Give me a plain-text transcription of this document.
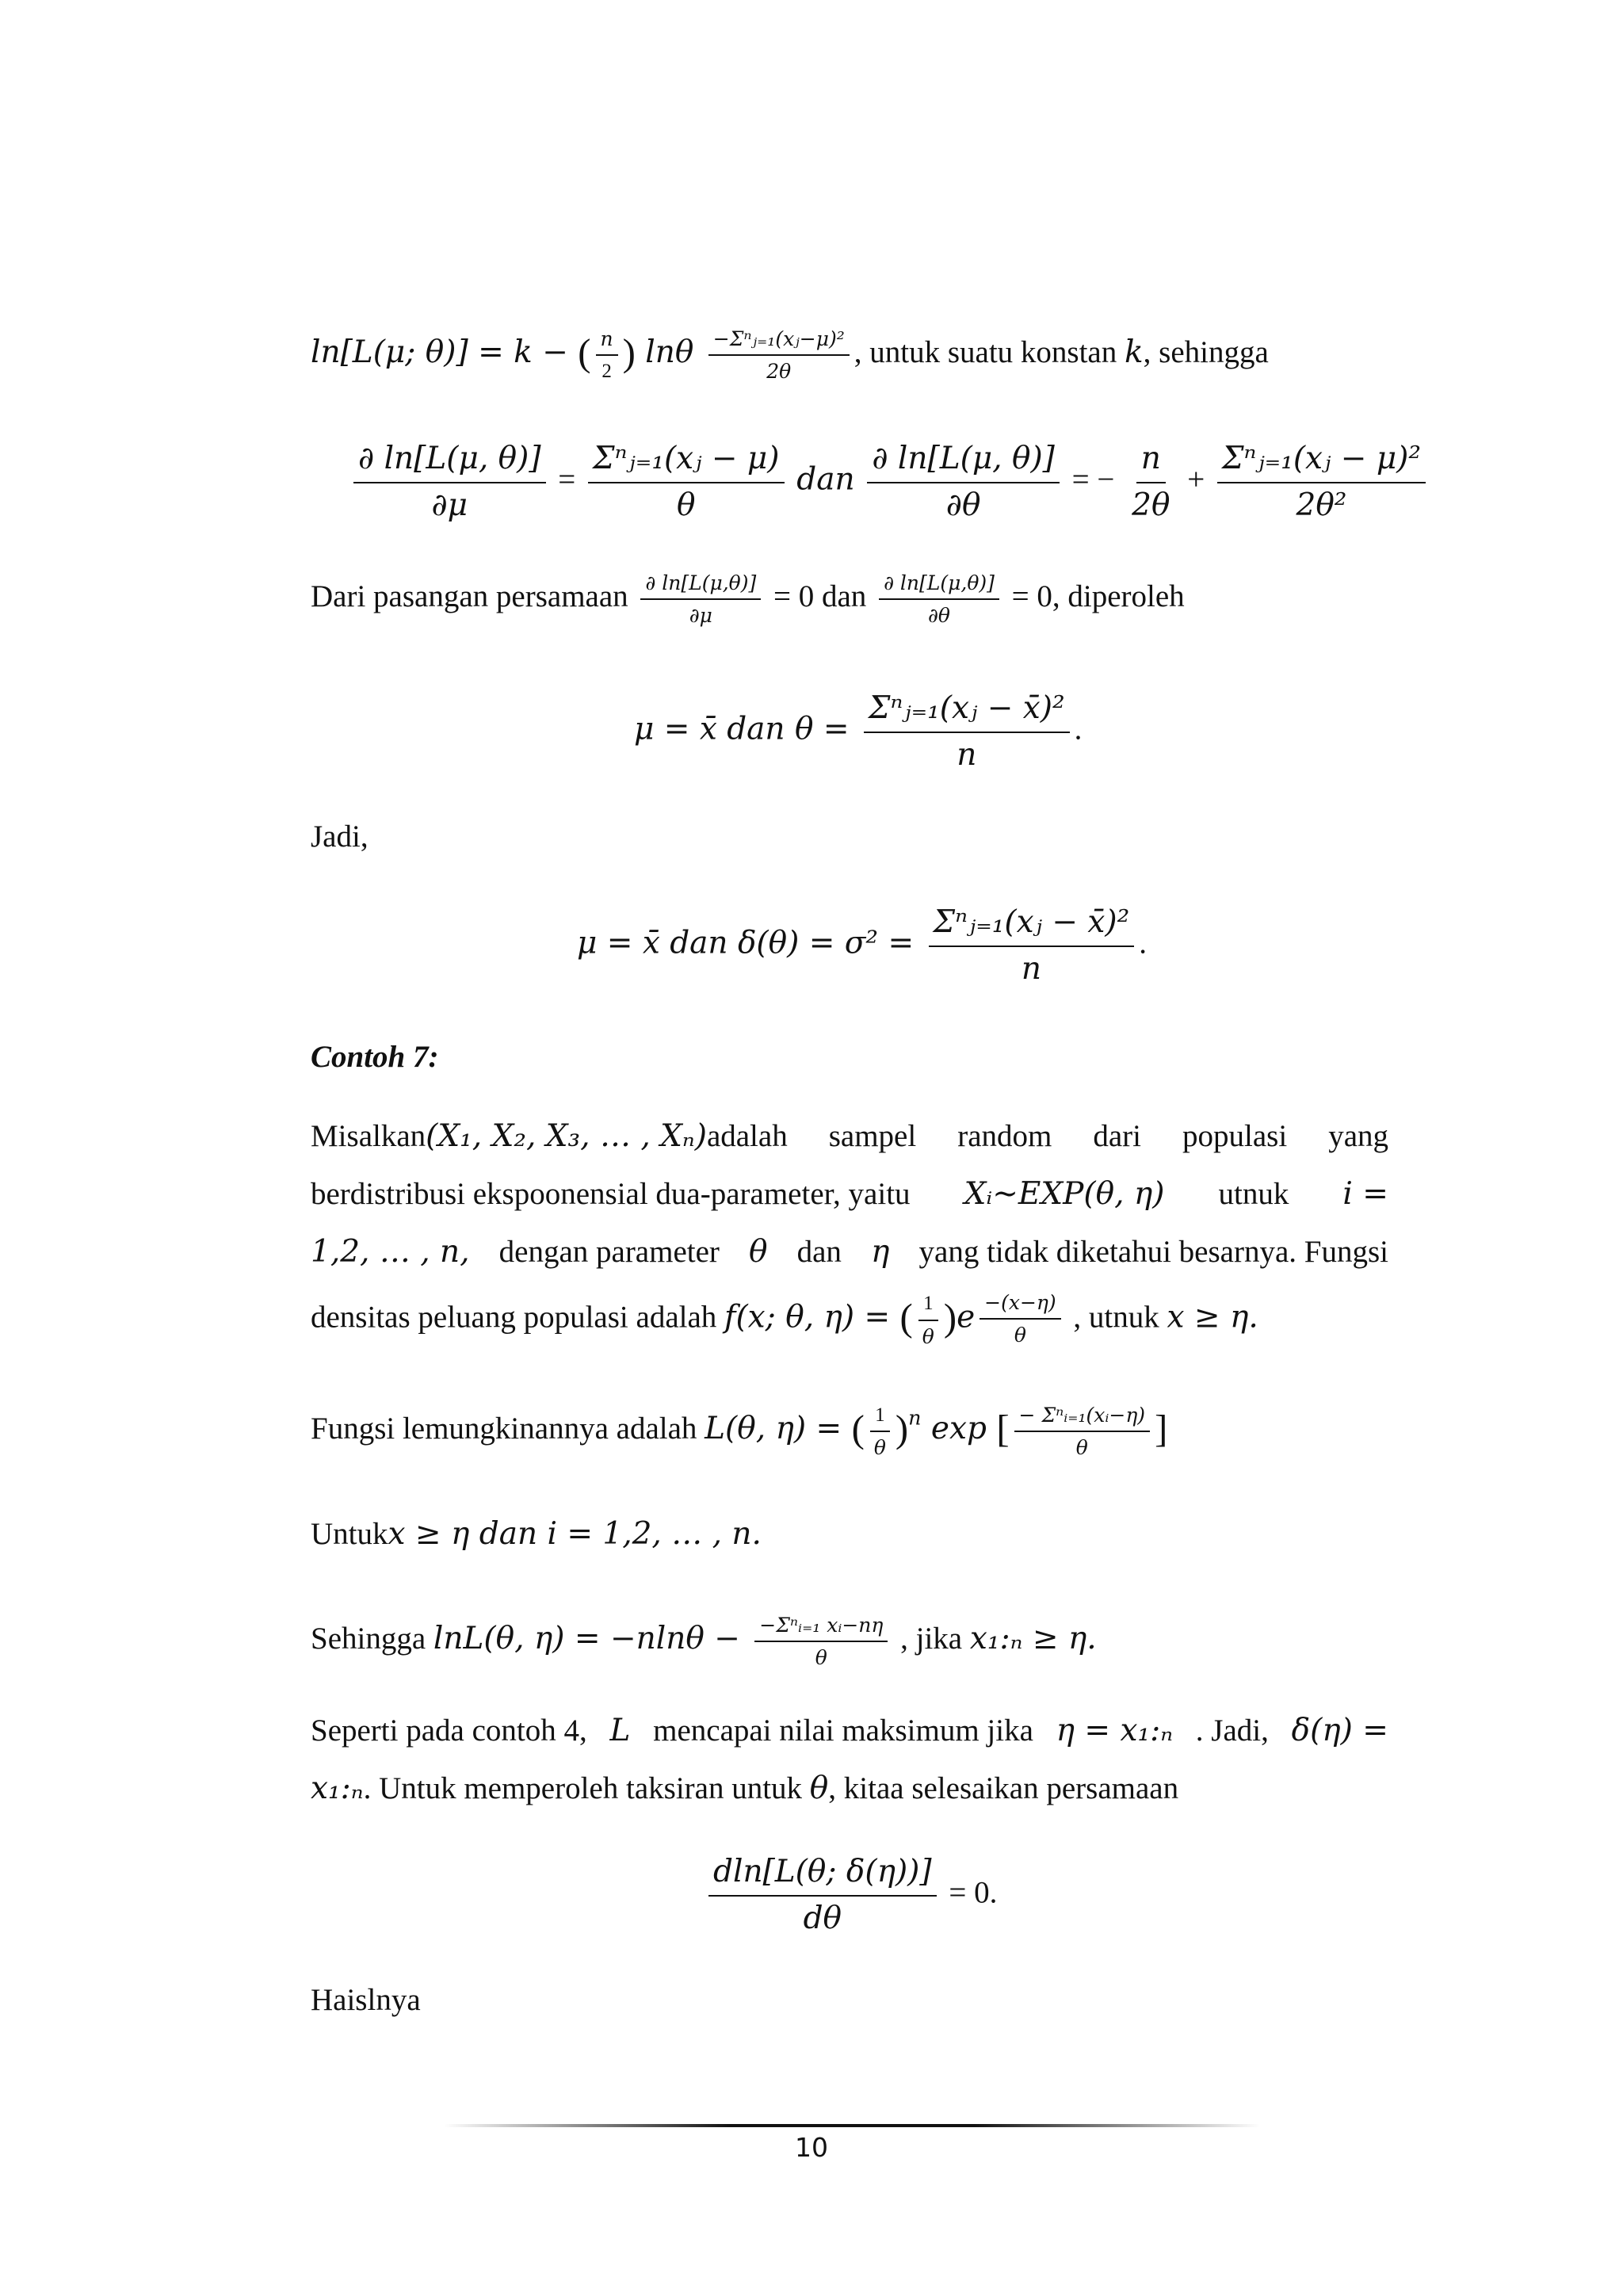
ln[L(μ; θ)] = k − ( $\frac{n}{2}$ ) lnθ $\frac{\text{−Σⁿⱼ₌₁(xⱼ−μ)²}}{2\theta}$ , untuk suatu konstan k, sehingga
$\frac{\partial \ln[L(\mu, \theta)]}{\partial\mu} = \frac{\text{Σⁿⱼ₌₁(xⱼ − μ)}}{\theta}$ dan $\frac{\partial \ln[L(\mu, \theta)]}{\partial\theta}$ = − $\frac{n}{2\theta} + \frac{\text{Σⁿⱼ₌₁(xⱼ − μ)²}}{\text{2θ²}}$
Dari pasangan persamaan $\frac{\partial \ln[L(\mu,\theta)]}{\partial\mu} = 0$ dan $\frac{\partial \ln[L(\mu,\theta)]}{\partial\theta} = 0$, diperoleh
μ = x̄ dan $\theta = \frac{\text{Σⁿⱼ₌₁(xⱼ − x̄)²}}{n}$ .
Jadi,
μ = x̄ dan $\delta(\theta) = \sigma^2 = \frac{\text{Σⁿⱼ₌₁(xⱼ − x̄)²}}{n}$ .
Contoh 7:
Misalkan (X₁, X₂, X₃, … , Xₙ) adalah sampel random dari populasi yang
berdistribusi ekspoonensial dua-parameter, yaitu Xᵢ~EXP(θ, η) utnuk i =
1,2, … , n, dengan parameter θ dan η yang tidak diketahui besarnya. Fungsi
densitas peluang populasi adalah f(x; θ, η) = ( $\frac{1}{\theta} )e \frac{-(x-\eta)}{\theta}$ , utnuk x ≥ η.
Fungsi lemungkinannya adalah L(θ, η) = ( $\frac{1}{\theta} )^n$ exp [ $\frac{\text{− Σⁿᵢ₌₁(xᵢ−η)}}{\theta}$ ]
Untukx ≥ η dan i = 1,2, … , n.
Sehingga lnL(θ, $\eta) = -nln\theta - \frac{\text{−Σⁿᵢ₌₁ xᵢ−nη}}{\theta}$ , jika x₁:ₙ ≥ η.
Seperti pada contoh 4, L mencapai nilai maksimum jika η = x₁:ₙ . Jadi, δ(η) =
x₁:ₙ. Untuk memperoleh taksiran untuk θ, kitaa selesaikan persamaan
$\frac{dln[L(\theta; \delta(\eta))]}{d\theta} = 0$.
Haislnya
10
